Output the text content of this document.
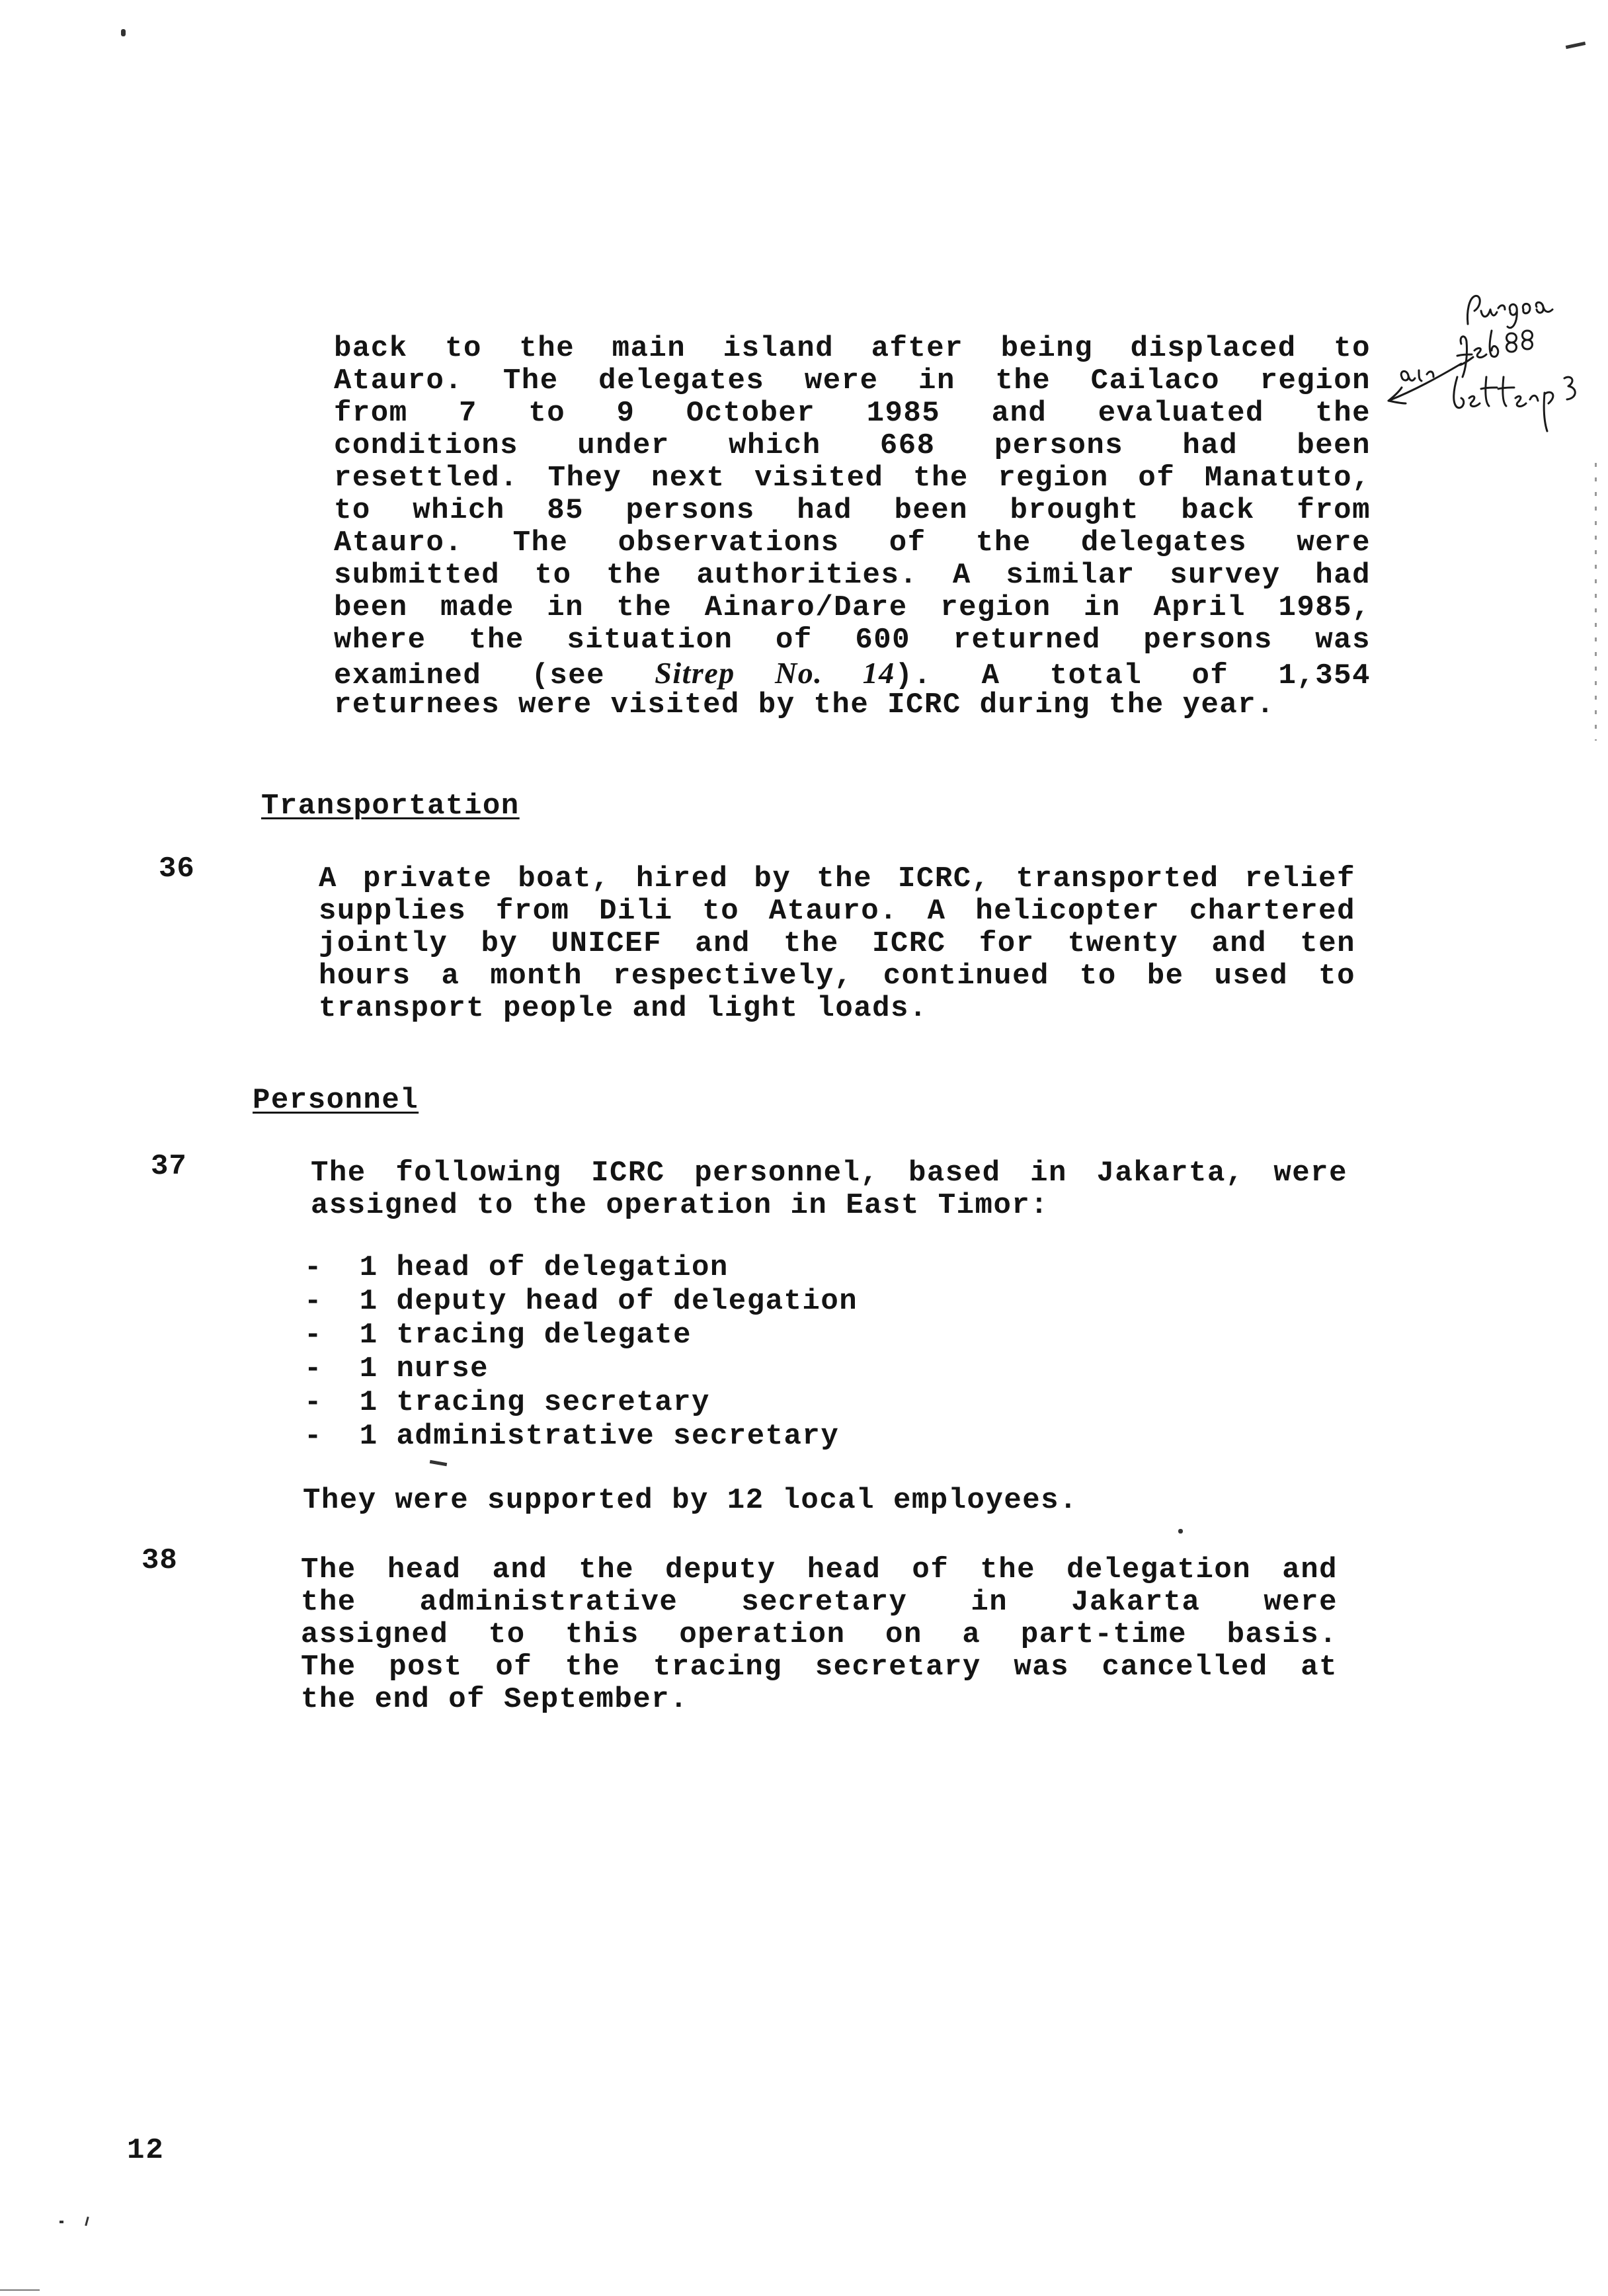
back to the main island after being displaced to
Atauro. The delegates were in the Cailaco region
from 7 to 9 October 1985 and evaluated the
conditions under which 668 persons had been
resettled. They next visited the region of Manatuto,
to which 85 persons had been brought back from
Atauro. The observations of the delegates were
submitted to the authorities. A similar survey had
been made in the Ainaro/Dare region in April 1985,
where the situation of 600 returned persons was
examined (see Sitrep No. 14). A total of 1,354
returnees were visited by the ICRC during the year.
Transportation
36	A private boat, hired by the ICRC, transported relief
supplies from Dili to Atauro. A helicopter chartered
jointly by UNICEF and the ICRC for twenty and ten
hours a month respectively, continued to be used to
transport people and light loads.
Personnel
37	The following ICRC personnel, based in Jakarta, were
assigned to the operation in East Timor:
- 1 head of delegation
- 1 deputy head of delegation
- 1 tracing delegate
- 1 nurse
- 1 tracing secretary
- 1 administrative secretary
They were supported by 12 local employees.
38	The head and the deputy head of the delegation and
the administrative secretary in Jakarta were
assigned to this operation on a part-time basis.
The post of the tracing secretary was cancelled at
the end of September.
12
